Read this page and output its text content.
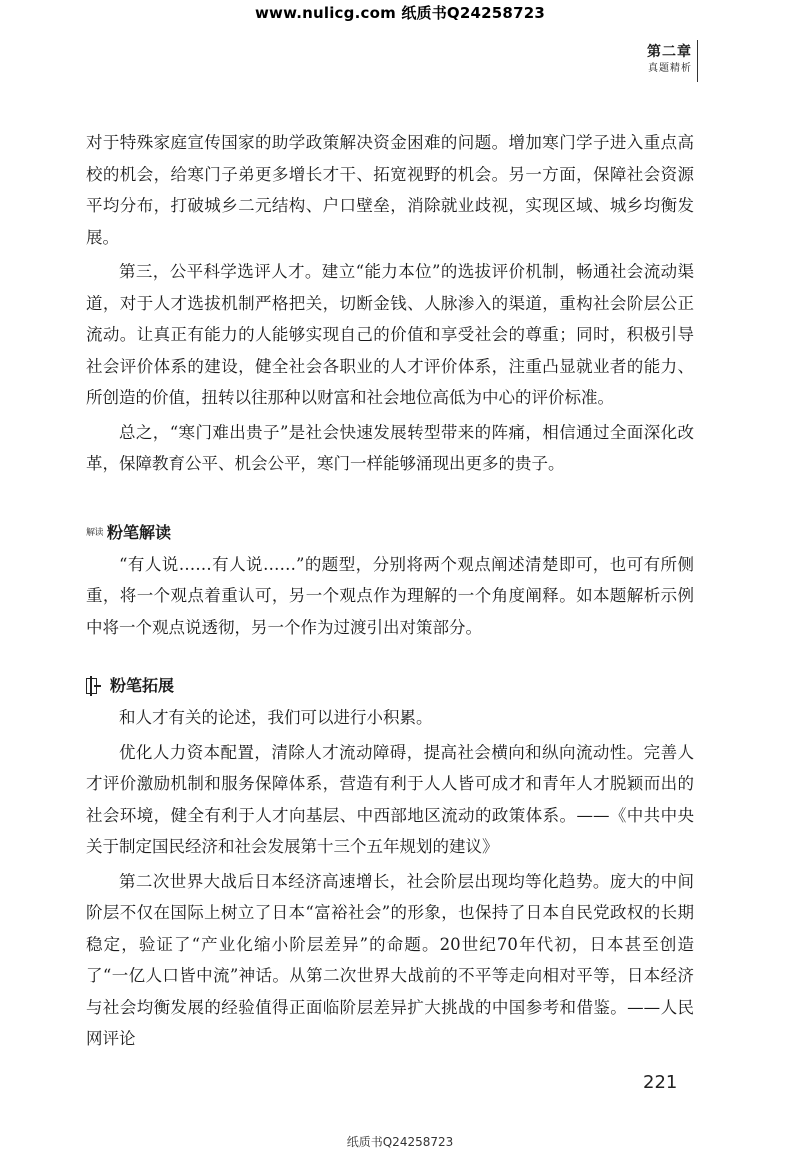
www.nulicg.com 纸质书Q24258723
第二章
真题精析

对于特殊家庭宣传国家的助学政策解决资金困难的问题。增加寒门学子进入重点高校的机会，给寒门子弟更多增长才干、拓宽视野的机会。另一方面，保障社会资源平均分布，打破城乡二元结构、户口壁垒，消除就业歧视，实现区域、城乡均衡发展。

第三，公平科学选评人才。建立“能力本位”的选拔评价机制，畅通社会流动渠道，对于人才选拔机制严格把关，切断金钱、人脉渗入的渠道，重构社会阶层公正流动。让真正有能力的人能够实现自己的价值和享受社会的尊重；同时，积极引导社会评价体系的建设，健全社会各职业的人才评价体系，注重凸显就业者的能力、所创造的价值，扭转以往那种以财富和社会地位高低为中心的评价标准。

总之，“寒门难出贵子”是社会快速发展转型带来的阵痛，相信通过全面深化改革，保障教育公平、机会公平，寒门一样能够涌现出更多的贵子。

解读 粉笔解读

“有人说……有人说……”的题型，分别将两个观点阐述清楚即可，也可有所侧重，将一个观点着重认可，另一个观点作为理解的一个角度阐释。如本题解析示例中将一个观点说透彻，另一个作为过渡引出对策部分。

粉笔拓展

和人才有关的论述，我们可以进行小积累。

优化人力资本配置，清除人才流动障碍，提高社会横向和纵向流动性。完善人才评价激励机制和服务保障体系，营造有利于人人皆可成才和青年人才脱颖而出的社会环境，健全有利于人才向基层、中西部地区流动的政策体系。——《中共中央关于制定国民经济和社会发展第十三个五年规划的建议》

第二次世界大战后日本经济高速增长，社会阶层出现均等化趋势。庞大的中间阶层不仅在国际上树立了日本“富裕社会”的形象，也保持了日本自民党政权的长期稳定，验证了“产业化缩小阶层差异”的命题。20世纪70年代初，日本甚至创造了“一亿人口皆中流”神话。从第二次世界大战前的不平等走向相对平等，日本经济与社会均衡发展的经验值得正面临阶层差异扩大挑战的中国参考和借鉴。——人民网评论

221
纸质书Q24258723
